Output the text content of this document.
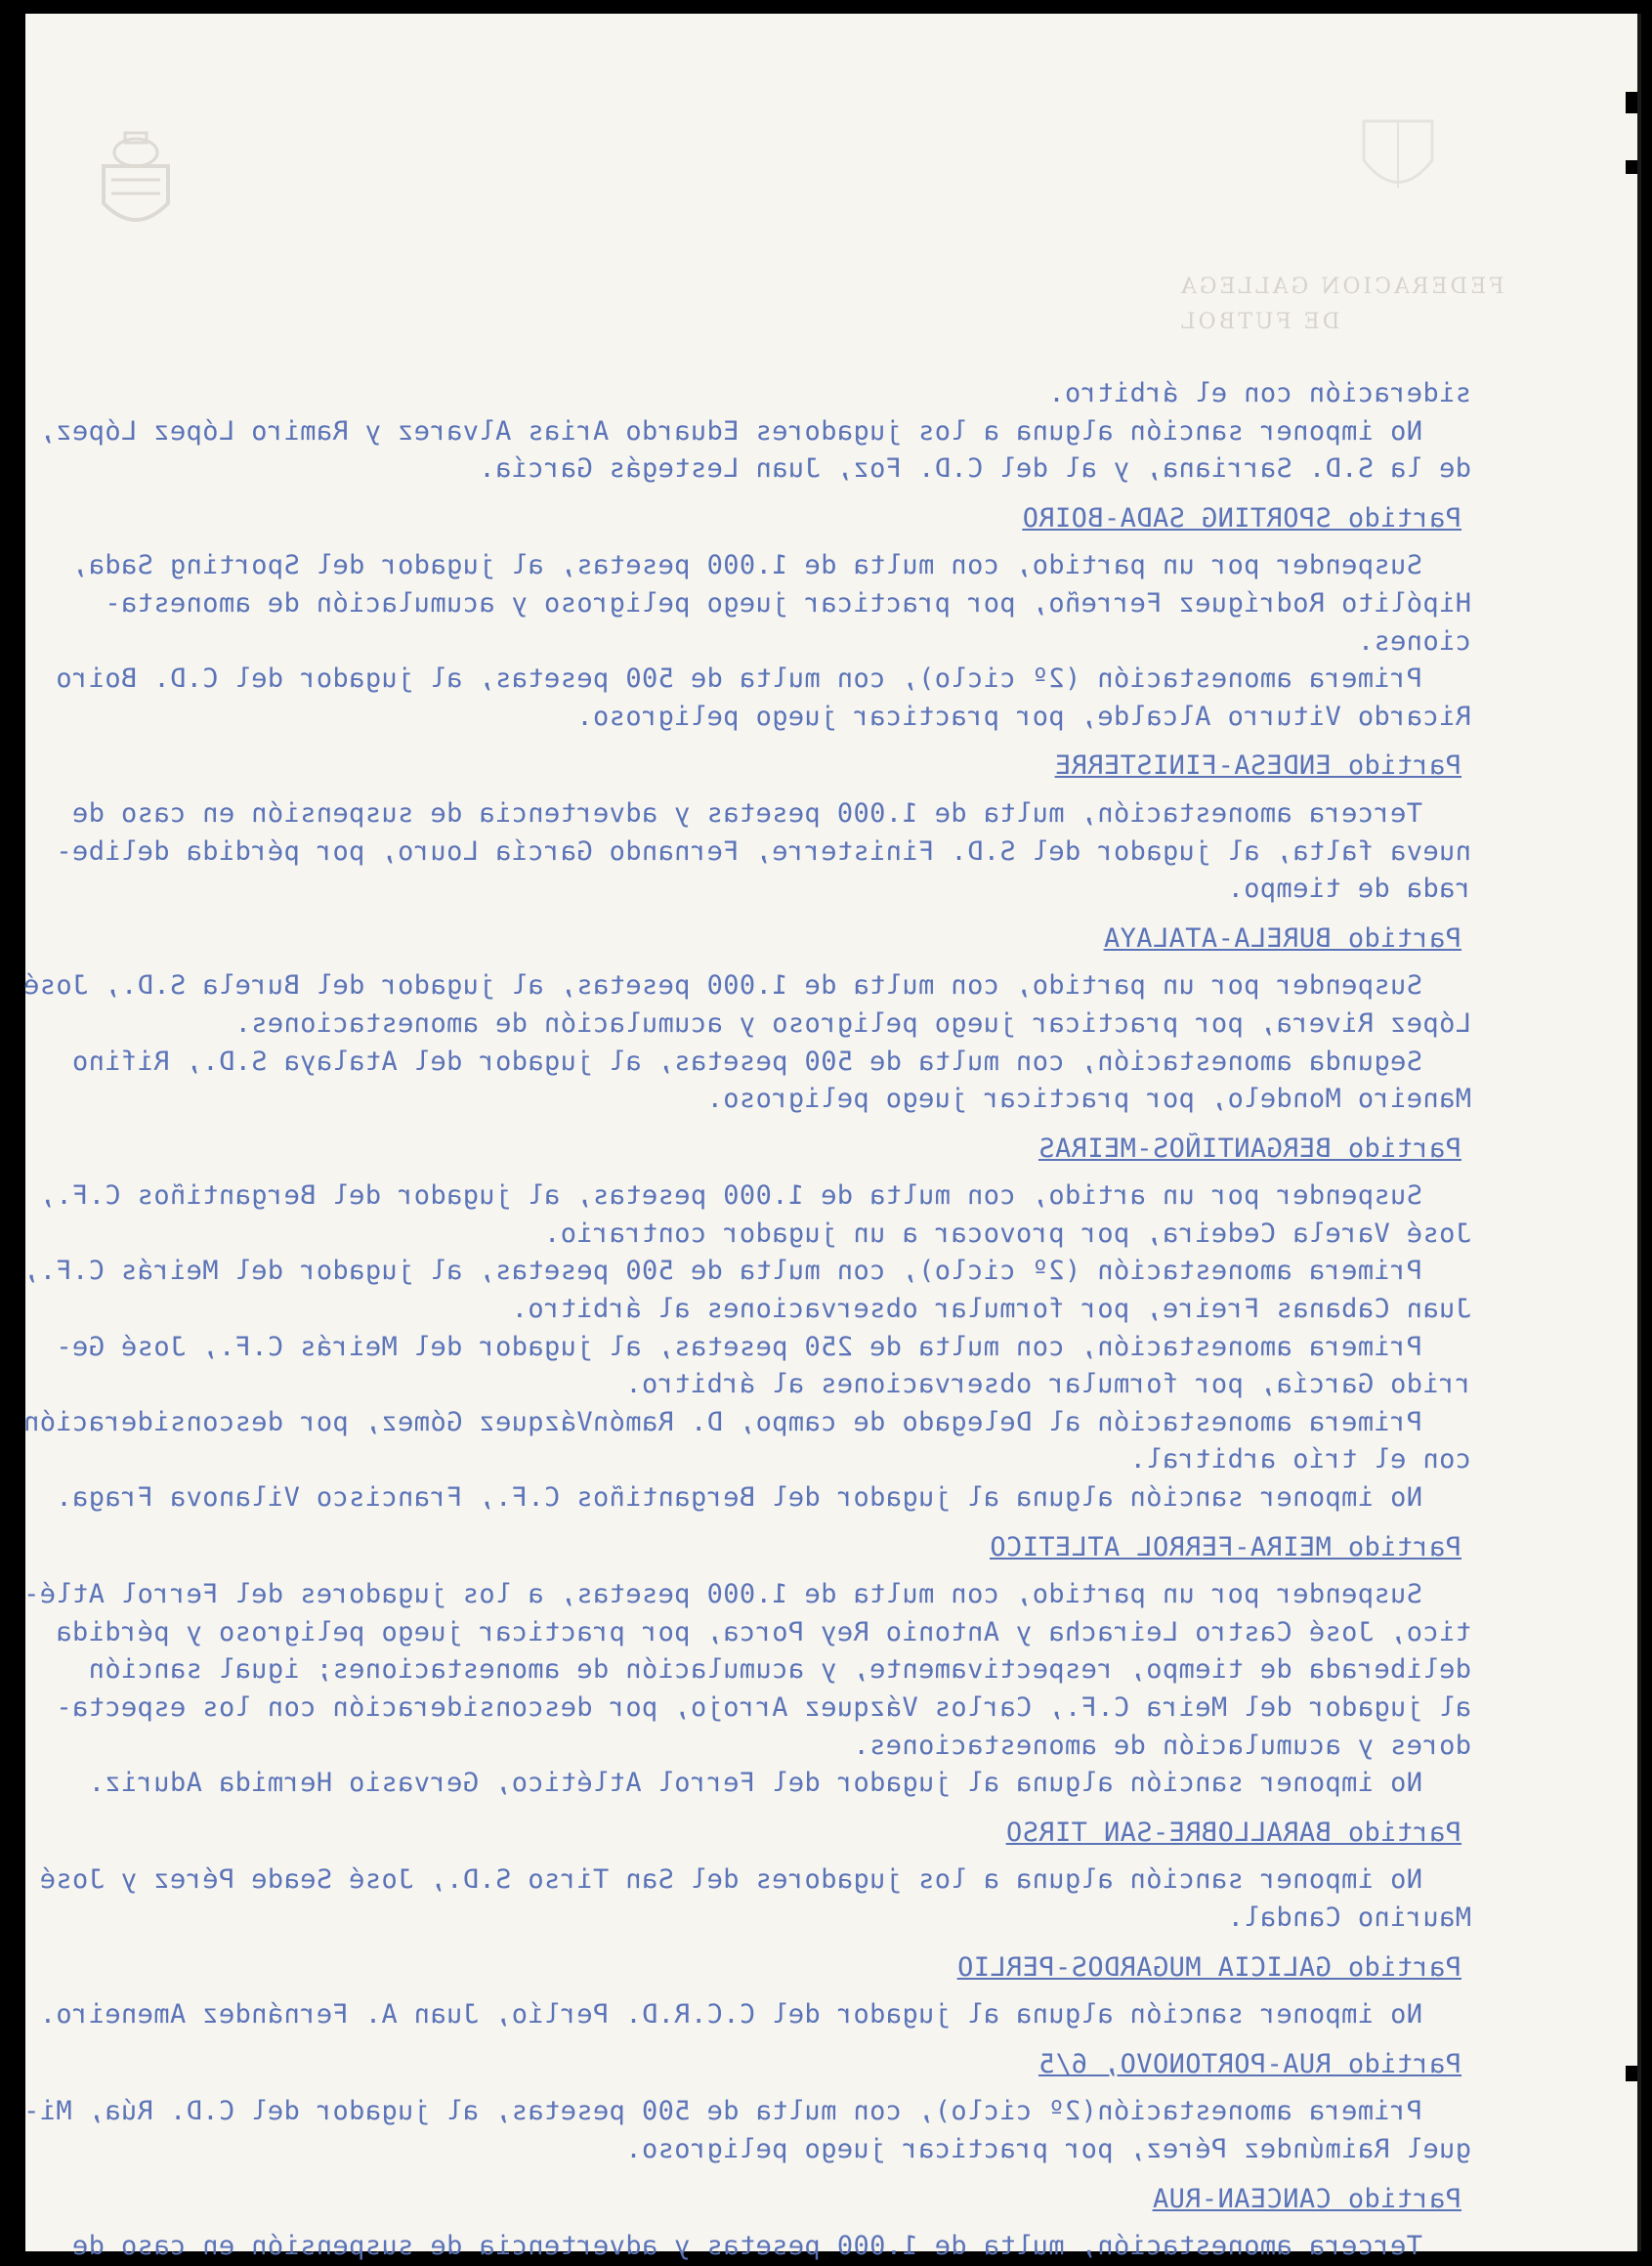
FEDERACION GALLEGA
DE FUTBOL

sideración con el árbitro.

No imponer sanción alguna a los jugadores Eduardo Arias Alvarez y Ramiro López López,

de la S.D. Sarriana, y al del C.D. Foz, Juan Lestegás García.

Partido SPORTING SADA-BOIRO

Suspender por un partido, con multa de 1.000 pesetas, al jugador del Sporting Sada,

Hipólito Rodríguez Ferreño, por practicar juego peligroso y acumulación de amonesta-

ciones.

Primera amonestación (2º ciclo), con multa de 500 pesetas, al jugador del C.D. Boiro

Ricardo Viturro Alcalde, por practicar juego peligroso.

Partido ENDESA-FINISTERRE

Tercera amonestación, multa de 1.000 pesetas y advertencia de suspensión en caso de

nueva falta, al jugador del S.D. Finisterre, Fernando García Louro, por pérdida delibe-

rada de tiempo.

Partido BURELA-ATALAYA

Suspender por un partido, con multa de 1.000 pesetas, al jugador del Burela S.D., José

López Rivera, por practicar juego peligroso y acumulación de amonestaciones.

Segunda amonestación, con multa de 500 pesetas, al jugador del Atalaya S.D., Rifino

Maneiro Mondelo, por practicar juego peligroso.

Partido BERGANTIÑOS-MEIRAS

Suspender por un artido, con multa de 1.000 pesetas, al jugador del Bergantiños C.F.,

José Varela Cedeira, por provocar a un jugador contrario.

Primera amonestación (2º ciclo), con multa de 500 pesetas, al jugador del Meirás C.F.,

Juan Cabanas Freire, por formular observaciones al árbitro.

Primera amonestación, con multa de 250 pesetas, al jugador del Meirás C.F., José Ge-

rrido García, por formular observaciones al árbitro.

Primera amonestación al Delegado de campo, D. RamónVázquez Gómez, por desconsideración

con el trío arbitral.

No imponer sanción alguna al jugador del Bergantiños C.F., Francisco Vilanova Fraga.

Partido MEIRA-FERROL ATLETICO

Suspender por un partido, con multa de 1.000 pesetas, a los jugadores del Ferrol Atlé-

tico, José Castro Leiracha y Antonio Rey Porca, por practicar juego peligroso y pérdida

deliberada de tiempo, respectivamente, y acumulación de amonestaciones; igual sanción

al jugador del Meira C.F., Carlos Vázquez Arrojo, por desconsideración con los especta-

dores y acumulación de amonestaciones.

No imponer sanción alguna al jugador del Ferrol Atlético, Gervasio Hermida Aduriz.

Partido BARALLOBRE-SAN TIRSO

No imponer sanción alguna a los jugadores del San Tirso S.D., José Seade Pérez y José

Maurino Candal.

Partido GALICIA MUGARDOS-PERLIO

No imponer sanción alguna al jugador del C.C.R.D. Perlío, Juan A. Fernández Ameneiro.

Partido RUA-PORTONOVO, 6/5

Primera amonestación(2º ciclo), con multa de 500 pesetas, al jugador del C.D. Rúa, Mi-

guel Raimúndez Pérez, por practicar juego peligroso.

Partido CANCEAN-RUA

Tercera amonestación, multa de 1.000 pesetas y advertencia de suspensión en caso de
